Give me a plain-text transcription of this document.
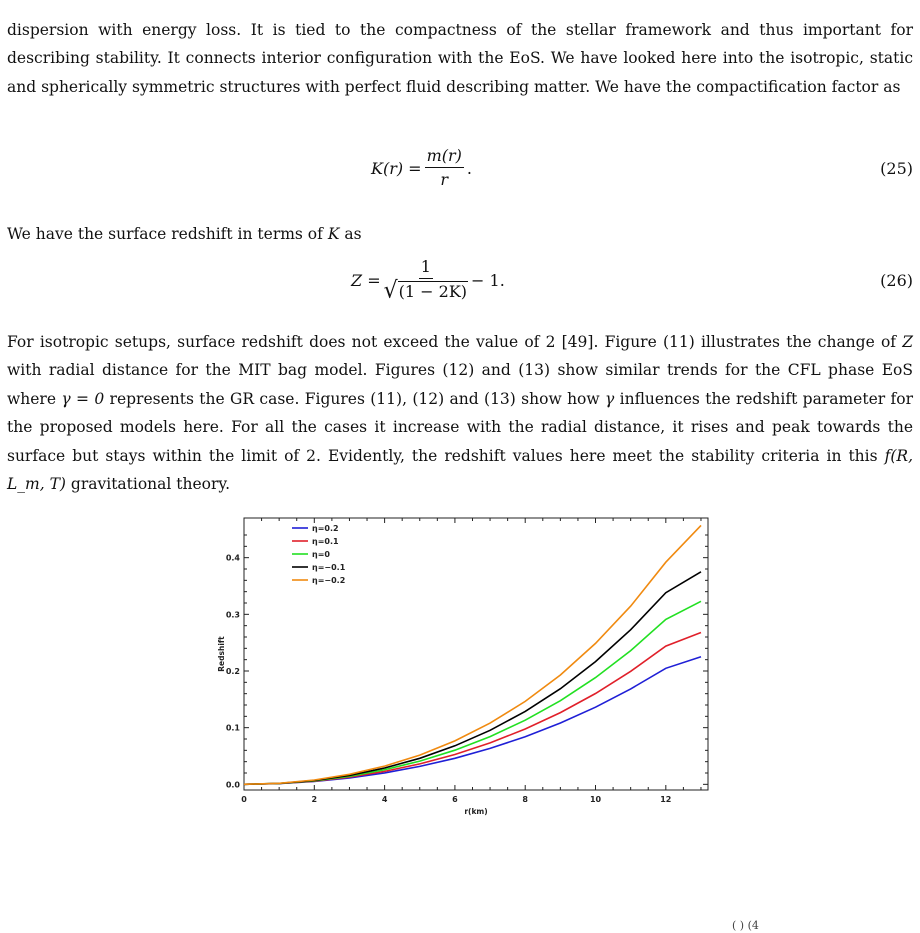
dispersion with energy loss. It is tied to the compactness of the stellar framework and thus important for describing stability. It connects interior configuration with the EoS. We have looked here into the isotropic, static and spherically symmetric structures with perfect fluid describing matter. We have the compactification factor as

$K(r) = \frac{m(r)}{r}$ .	(25)

We have the surface redshift in terms of K as

$Z = \frac{1}{√ (1 - 2K)} - 1$.	(26)

For isotropic setups, surface redshift does not exceed the value of 2 [49]. Figure (11) illustrates the change of Z with radial distance for the MIT bag model. Figures (12) and (13) show similar trends for the CFL phase EoS where γ = 0 represents the GR case. Figures (11), (12) and (13) show how γ influences the redshift parameter for the proposed models here. For all the cases it increase with the radial distance, it rises and peak towards the surface but stays within the limit of 2. Evidently, the redshift values here meet the stability criteria in this f(R, L_m, T) gravitational theory.

0	2	4	6	8	10	12
0.0
0.1
0.2
0.3
0.4
r(km)
Redshift
η=0.2
η=0.1
η=0
η=−0.1
η=−0.2
( ) (4
